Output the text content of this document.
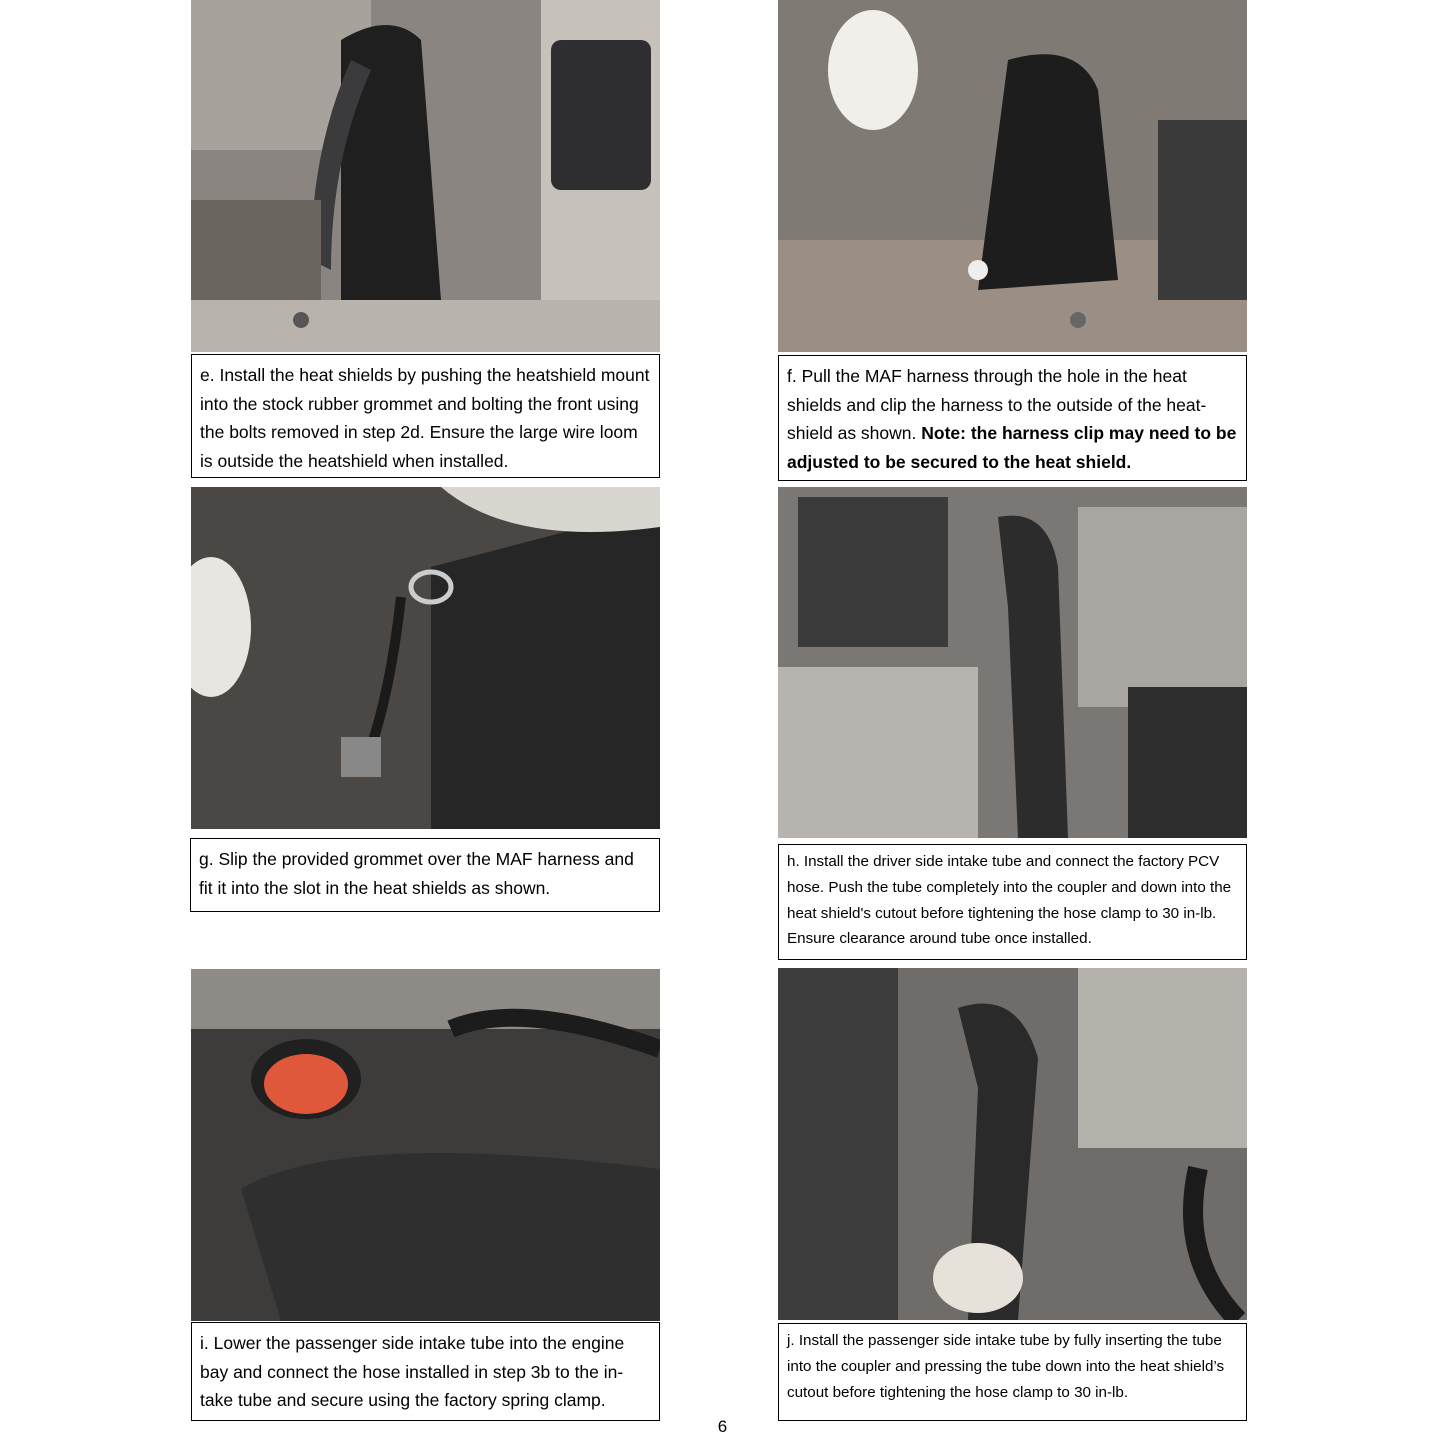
e. Install the heat shields by pushing the heatshield mount into the stock rubber grommet and bolting the front using the bolts removed in step 2d. Ensure the large wire loom is outside the heatshield when installed.
f. Pull the MAF harness through the hole in the heat shields and clip the harness to the outside of the heat-shield as shown. Note: the harness clip may need to be adjusted to be secured to the heat shield.
g. Slip the provided grommet over the MAF harness and fit it into the slot in the heat shields as shown.
h. Install the driver side intake tube and connect the factory PCV hose. Push the tube completely into the coupler and down into the heat shield's cutout before tightening the hose clamp to 30 in-lb. Ensure clearance around tube once installed.
i. Lower the passenger side intake tube into the engine bay and connect the hose installed in step 3b to the in-take tube and secure using the factory spring clamp.
j. Install the passenger side intake tube by fully inserting the tube into the coupler and pressing the tube down into the heat shield’s cutout before tightening the hose clamp to 30 in-lb.
6
